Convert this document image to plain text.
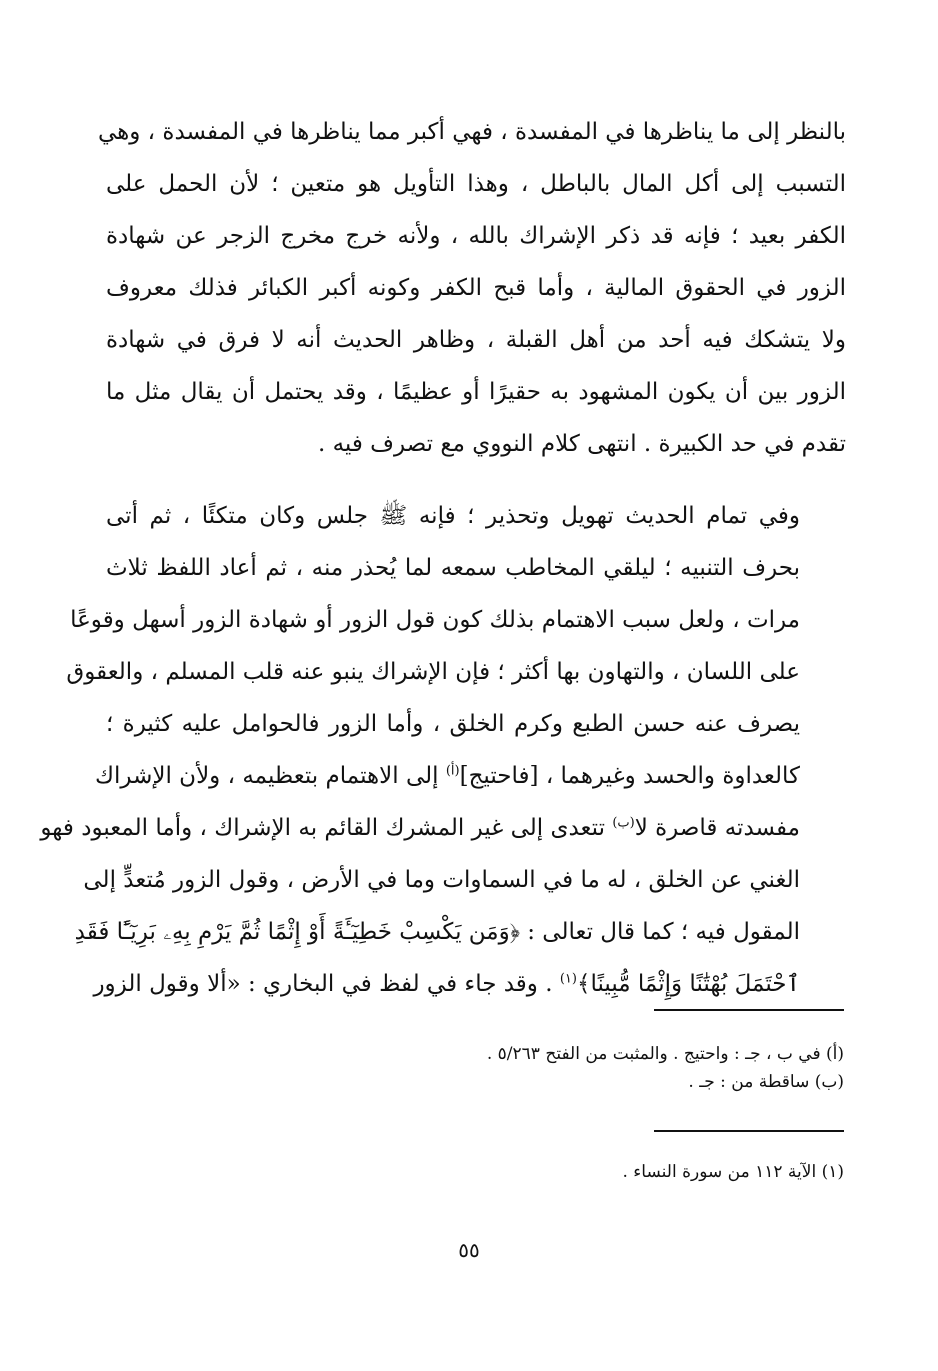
بالنظر إلى ما يناظرها في المفسدة ، فهي أكبر مما يناظرها في المفسدة ، وهي
التسبب إلى أكل المال بالباطل ، وهذا التأويل هو متعين ؛ لأن الحمل على
الكفر بعيد ؛ فإنه قد ذكر الإشراك بالله ، ولأنه خرج مخرج الزجر عن شهادة
الزور في الحقوق المالية ، وأما قبح الكفر وكونه أكبر الكبائر فذلك معروف
ولا يتشكك فيه أحد من أهل القبلة ، وظاهر الحديث أنه لا فرق في شهادة
الزور بين أن يكون المشهود به حقيرًا أو عظيمًا ، وقد يحتمل أن يقال مثل ما
تقدم في حد الكبيرة . انتهى كلام النووي مع تصرف فيه .
وفي تمام الحديث تهويل وتحذير ؛ فإنه ﷺ جلس وكان متكئًا ، ثم أتى
بحرف التنبيه ؛ ليلقي المخاطب سمعه لما يُحذر منه ، ثم أعاد اللفظ ثلاث
مرات ، ولعل سبب الاهتمام بذلك كون قول الزور أو شهادة الزور أسهل وقوعًا
على اللسان ، والتهاون بها أكثر ؛ فإن الإشراك ينبو عنه قلب المسلم ، والعقوق
يصرف عنه حسن الطبع وكرم الخلق ، وأما الزور فالحوامل عليه كثيرة ؛
كالعداوة والحسد وغيرهما ، [فاحتيج]$^{(أ)}$ إلى الاهتمام بتعظيمه ، ولأن الإشراك
مفسدته قاصرة لا$^{(ب)}$ تتعدى إلى غير المشرك القائم به الإشراك ، وأما المعبود فهو
الغني عن الخلق ، له ما في السماوات وما في الأرض ، وقول الزور مُتعدٍّ إلى
المقول فيه ؛ كما قال تعالى : ﴿وَمَن يَكْسِبْ خَطِيٓـَٔةً أَوْ إِثْمًا ثُمَّ يَرْمِ بِهِۦ بَرِيٓـًٔا فَقَدِ
ٱحْتَمَلَ بُهْتَٰنًا وَإِثْمًا مُّبِينًا﴾$^{(١)}$ . وقد جاء في لفظ في البخاري : «ألا وقول الزور
(أ) في ب ، جـ : واحتيج . والمثبت من الفتح ٥/٢٦٣ .
(ب) ساقطة من : جـ .
(١) الآية ١١٢ من سورة النساء .
٥٥
